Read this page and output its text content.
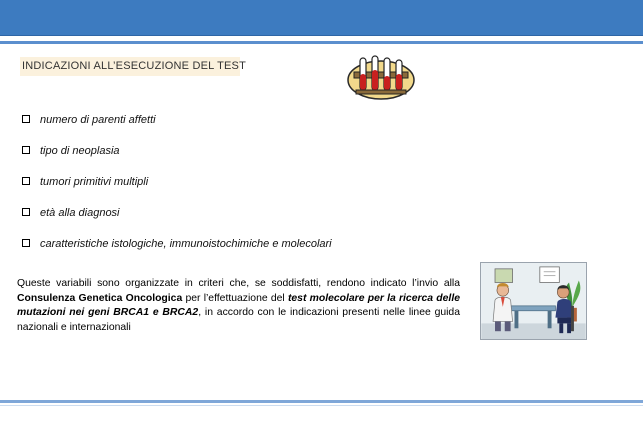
INDICAZIONI ALL’ESECUZIONE DEL TEST
numero di parenti affetti
tipo di neoplasia
tumori primitivi multipli
età alla diagnosi
caratteristiche istologiche, immunoistochimiche e molecolari
Queste variabili sono organizzate in criteri che, se soddisfatti, rendono indicato l’invio alla Consulenza Genetica Oncologica per l’effettuazione del test molecolare per la ricerca delle mutazioni nei geni BRCA1 e BRCA2, in accordo con le indicazioni presenti nelle linee guida nazionali e internazionali
